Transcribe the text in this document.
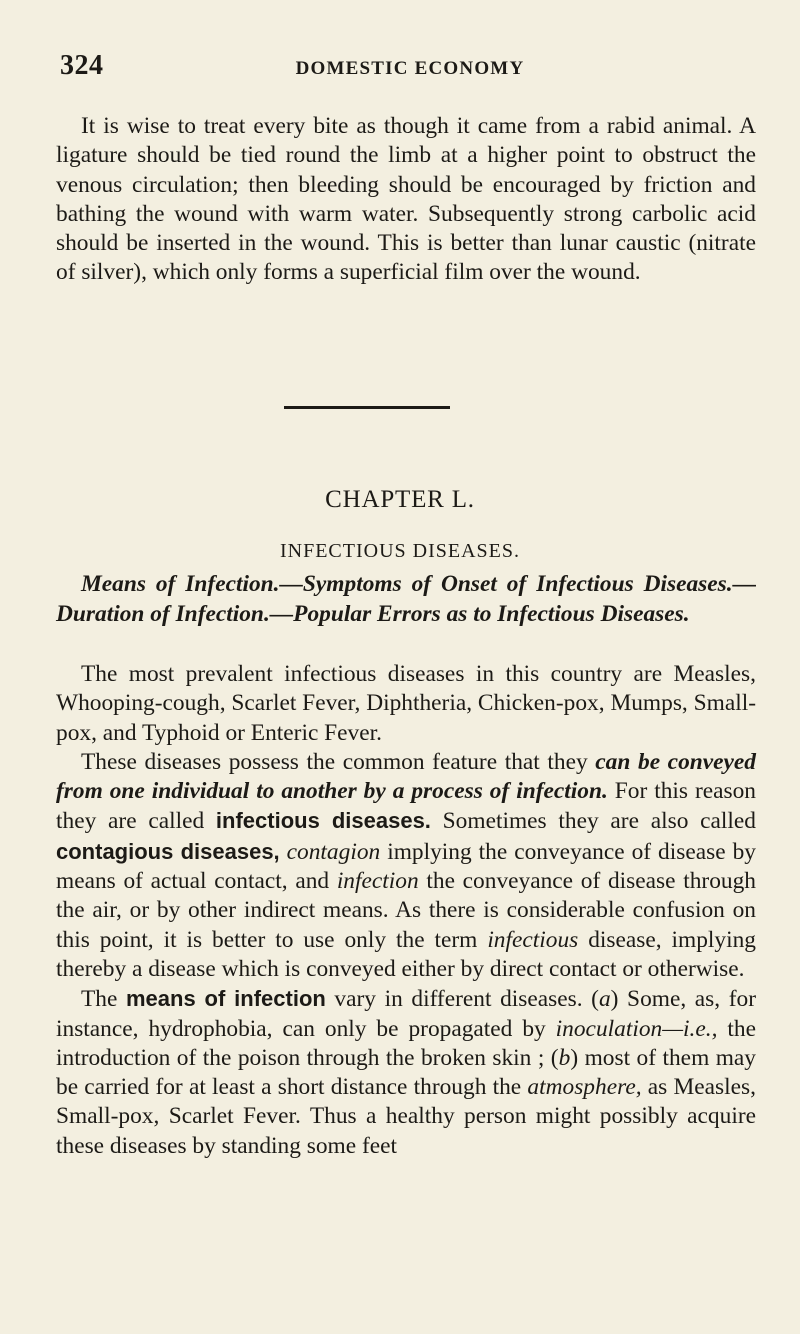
324	DOMESTIC ECONOMY

It is wise to treat every bite as though it came from a rabid animal. A ligature should be tied round the limb at a higher point to obstruct the venous circulation; then bleeding should be encouraged by friction and bathing the wound with warm water. Subsequently strong carbolic acid should be inserted in the wound. This is better than lunar caustic (nitrate of silver), which only forms a superficial film over the wound.

CHAPTER L.
INFECTIOUS DISEASES.
Means of Infection.—Symptoms of Onset of Infectious Diseases.—Duration of Infection.—Popular Errors as to Infectious Diseases.

The most prevalent infectious diseases in this country are Measles, Whooping-cough, Scarlet Fever, Diphtheria, Chicken-pox, Mumps, Small-pox, and Typhoid or Enteric Fever.

These diseases possess the common feature that they can be conveyed from one individual to another by a process of infection. For this reason they are called infectious diseases. Sometimes they are also called contagious diseases, contagion implying the conveyance of disease by means of actual contact, and infection the conveyance of disease through the air, or by other indirect means. As there is considerable confusion on this point, it is better to use only the term infectious disease, implying thereby a disease which is conveyed either by direct contact or otherwise.

The means of infection vary in different diseases. (a) Some, as, for instance, hydrophobia, can only be propagated by inoculation—i.e., the introduction of the poison through the broken skin ; (b) most of them may be carried for at least a short distance through the atmosphere, as Measles, Small-pox, Scarlet Fever. Thus a healthy person might possibly acquire these diseases by standing some feet
